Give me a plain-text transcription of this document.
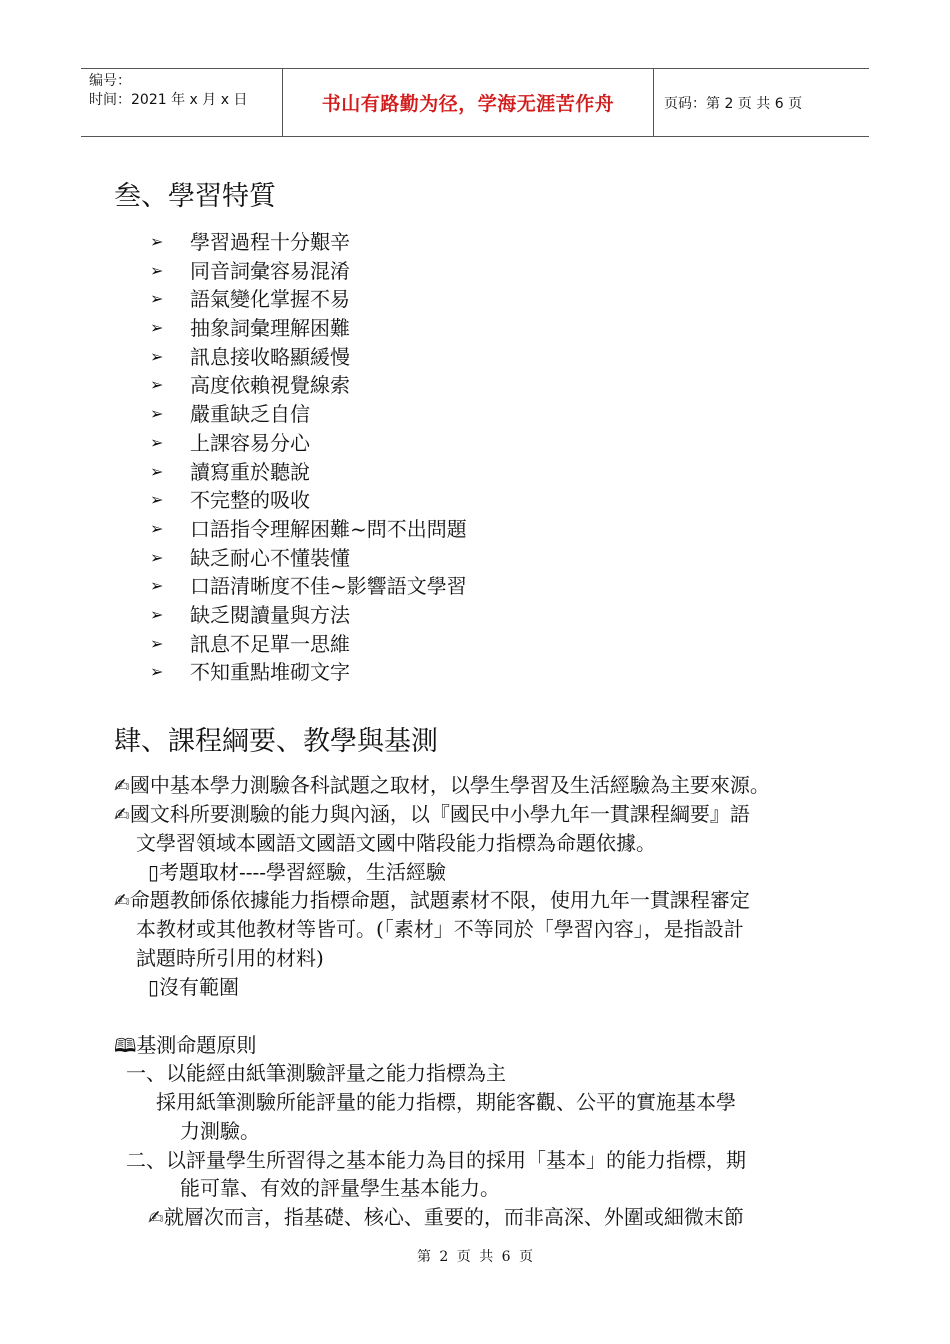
编号：
时间：2021 年 x 月 x 日	书山有路勤为径，学海无涯苦作舟	页码：第 2 页 共 6 页
叁、學習特質
➢	學習過程十分艱辛
➢	同音詞彙容易混淆
➢	語氣變化掌握不易
➢	抽象詞彙理解困難
➢	訊息接收略顯緩慢
➢	高度依賴視覺線索
➢	嚴重缺乏自信
➢	上課容易分心
➢	讀寫重於聽說
➢	不完整的吸收
➢	口語指令理解困難~問不出問題
➢	缺乏耐心不懂裝懂
➢	口語清晰度不佳~影響語文學習
➢	缺乏閱讀量與方法
➢	訊息不足單一思維
➢	不知重點堆砌文字
肆、課程綱要、教學與基測
✍國中基本學力測驗各科試題之取材，以學生學習及生活經驗為主要來源。
✍國文科所要測驗的能力與內涵，以『國民中小學九年一貫課程綱要』語
文學習領域本國語文國語文國中階段能力指標為命題依據。
▯考題取材----學習經驗，生活經驗
✍命題教師係依據能力指標命題，試題素材不限，使用九年一貫課程審定
本教材或其他教材等皆可。(「素材」不等同於「學習內容」，是指設計
試題時所引用的材料)
▯沒有範圍
🕮基測命題原則
一、以能經由紙筆測驗評量之能力指標為主
採用紙筆測驗所能評量的能力指標，期能客觀、公平的實施基本學
力測驗。
二、以評量學生所習得之基本能力為目的採用「基本」的能力指標，期
能可靠、有效的評量學生基本能力。
✍就層次而言，指基礎、核心、重要的，而非高深、外圍或細微末節
第 2 页 共 6 页
